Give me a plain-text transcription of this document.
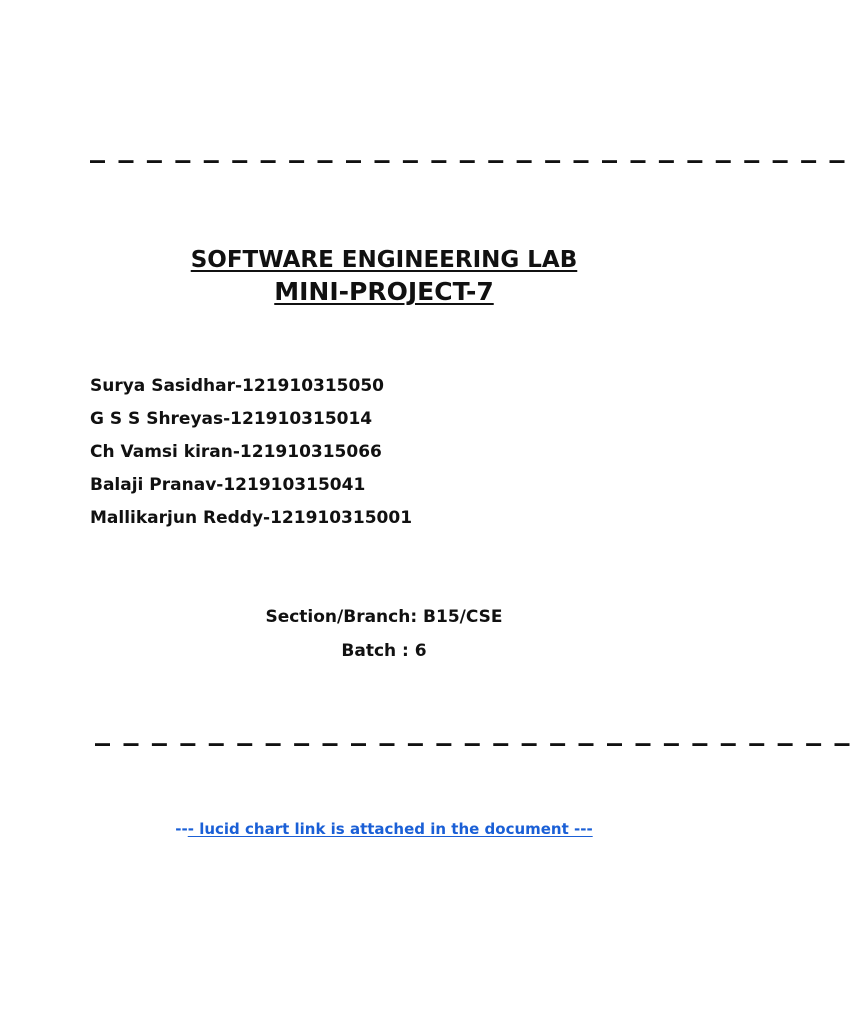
_ _ _ _ _ _ _ _ _ _ _ _ _ _ _ _ _ _ _ _ _ _ _ _ _ _ _
SOFTWARE ENGINEERING LAB
MINI-PROJECT-7
Surya Sasidhar-121910315050
G S S Shreyas-121910315014
Ch Vamsi kiran-121910315066
Balaji Pranav-121910315041
Mallikarjun Reddy-121910315001
Section/Branch: B15/CSE
Batch : 6
_ _ _ _ _ _ _ _ _ _ _ _ _ _ _ _ _ _ _ _ _ _ _ _ _ _ _
--- lucid chart link is attached in the document ---
